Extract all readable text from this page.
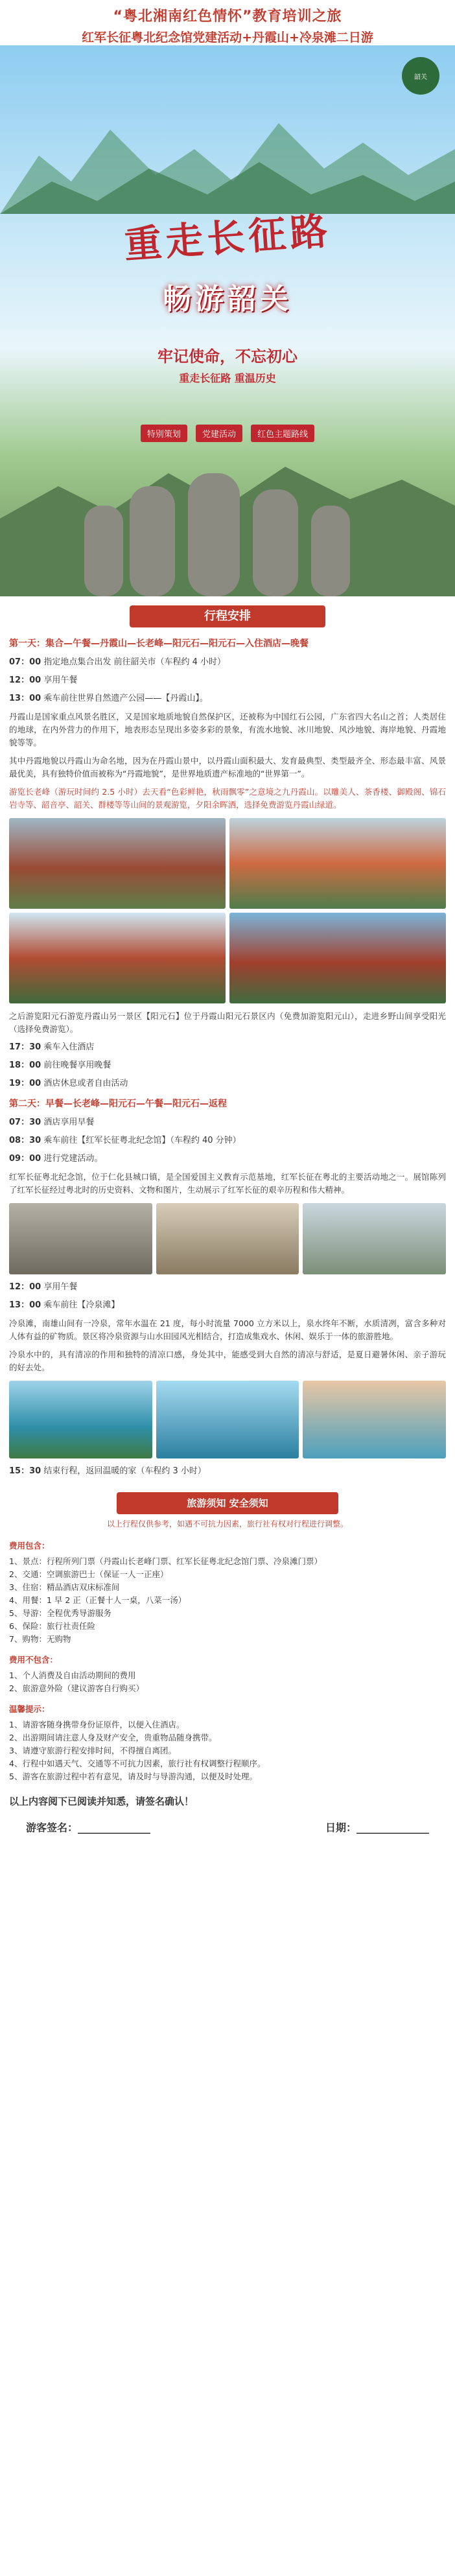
“粤北湘南红色情怀”教育培训之旅
红军长征粤北纪念馆党建活动+丹霞山+冷泉滩二日游
韶关
重走长征路
畅游韶关
牢记使命，不忘初心
重走长征路 重温历史
特别策划	党建活动	红色主题路线
行程安排
第一天：集合—午餐—丹霞山—长老峰—阳元石—阳元石—入住酒店—晚餐
07：00 指定地点集合出发 前往韶关市（车程约 4 小时）
12：00 享用午餐
13：00 乘车前往世界自然遗产公园——【丹霞山】。
丹霞山是国家重点风景名胜区，又是国家地质地貌自然保护区，还被称为中国红石公园，广东省四大名山之首；人类居住的地球，在内外营力的作用下，地表形态呈现出多姿多彩的景象，有流水地貌、冰川地貌、风沙地貌、海岸地貌、丹霞地貌等等。
其中丹霞地貌以丹霞山为命名地，因为在丹霞山景中，以丹霞山面积最大、发育最典型、类型最齐全、形态最丰富、风景最优美，具有独特价值而被称为“丹霞地貌”，是世界地质遗产标准地的“世界第一”。
游览长老峰（游玩时间约 2.5 小时）去天看“色彩鲜艳，秋雨飘零”之意境之九丹霞山。以雕美人、茶香楼、御殿阁、锦石岩寺等、韶音亭、韶关、群楼等等山间的景观游览，夕阳余晖洒，选择免费游览丹霞山绿道。
之后游览阳元石游览丹霞山另一景区【阳元石】位于丹霞山阳元石景区内（免费加游览阳元山），走进乡野山间享受阳光（选择免费游览）。
17：30 乘车入住酒店
18：00 前往晚餐享用晚餐
19：00 酒店休息或者自由活动
第二天：早餐—长老峰—阳元石—午餐—阳元石—返程
07：30 酒店享用早餐
08：30 乘车前往【红军长征粤北纪念馆】（车程约 40 分钟）
09：00 进行党建活动。
红军长征粤北纪念馆，位于仁化县城口镇，是全国爱国主义教育示范基地，红军长征在粤北的主要活动地之一。展馆陈列了红军长征经过粤北时的历史资料、文物和图片，生动展示了红军长征的艰辛历程和伟大精神。
12：00 享用午餐
13：00 乘车前往【冷泉滩】
冷泉滩，南雄山间有一冷泉，常年水温在 21 度，每小时流量 7000 立方米以上，泉水终年不断，水质清冽，富含多种对人体有益的矿物质。景区将冷泉资源与山水田园风光相结合，打造成集戏水、休闲、娱乐于一体的旅游胜地。
冷泉水中的，具有清凉的作用和独特的清凉口感，身处其中，能感受到大自然的清凉与舒适，是夏日避暑休闲、亲子游玩的好去处。
15：30 结束行程，返回温暖的家（车程约 3 小时）
旅游须知 安全须知
以上行程仅供参考，如遇不可抗力因素，旅行社有权对行程进行调整。
费用包含：
1、景点：行程所列门票（丹霞山长老峰门票、红军长征粤北纪念馆门票、冷泉滩门票）
2、交通：空调旅游巴士（保证一人一正座）
3、住宿：精品酒店双床标准间
4、用餐：1 早 2 正（正餐十人一桌，八菜一汤）
5、导游：全程优秀导游服务
6、保险：旅行社责任险
7、购物：无购物
费用不包含：
1、个人消费及自由活动期间的费用
2、旅游意外险（建议游客自行购买）
温馨提示：
1、请游客随身携带身份证原件，以便入住酒店。
2、出游期间请注意人身及财产安全，贵重物品随身携带。
3、请遵守旅游行程安排时间，不得擅自离团。
4、行程中如遇天气、交通等不可抗力因素，旅行社有权调整行程顺序。
5、游客在旅游过程中若有意见，请及时与导游沟通，以便及时处理。
以上内容阅下已阅读并知悉，请签名确认！
游客签名：______________	日期：______________
